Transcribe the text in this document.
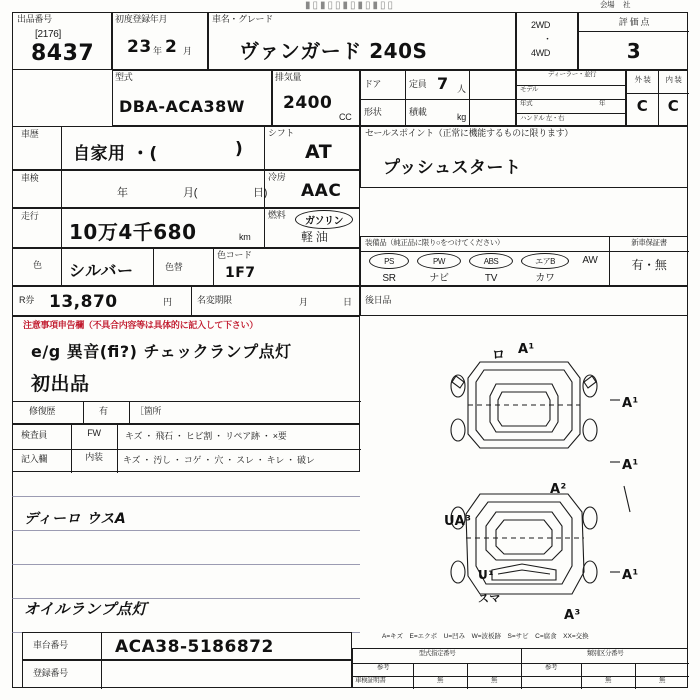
▮▯▮▯▯▮▯▮▯▮▯▯	会場 　社
出品番号
[2176]
8437
初度登録年月
23 年 2 月
車名・グレード
ヴァンガード 240S
2WD
・
4WD
評 価 点
3
型式
DBA-ACA38W
排気量
2400
CC
ドア	定員 7 人
形状	積載	kg
ディーラー・並行
モデル
年式	年
ハンドル 左・右
外 装	内 装
C	C
車歴
自家用 ・(	)
車検
年	月(	日)
走行
10万4千680	km
色 シルバー	色替
色コード
1F7
R券 13,870	円	名変期限	月	日
シフト
AT
冷房
AAC
燃料
ガソリン
軽 油
セールスポイント（正常に機能するものに限ります）
プッシュスタート
装備品（純正品に限り○をつけてください）	新車保証書
有・無
PS	PW	ABS	エアB	AW
SR	ナビ	TV	カワ
後日品
注意事項申告欄（不具合内容等は具体的に記入して下さい）
e/g 異音(ﬁ?) チェックランプ点灯
初出品
修復歴	有	［箇所
検査員	FW	キズ ・ 飛石 ・ ヒビ割 ・ リペア跡 ・ ×要
記入欄	内装	キズ ・ 汚し ・ コゲ ・ 穴 ・ スレ ・ キレ ・ 破レ
ディーロ ウスA
オイルランプ点灯
車台番号	ACA38-5186872
登録番号
型式指定番号	類別区分番号
参考	参考
車検証明書	無	無	無	無
A=キズ　E=エクボ　U=凹み　W=波板跡　S=サビ　C=腐食　XX=交換
ロ A¹
A¹
A¹
A²
UA³
U¹
スマ
A³
A¹
